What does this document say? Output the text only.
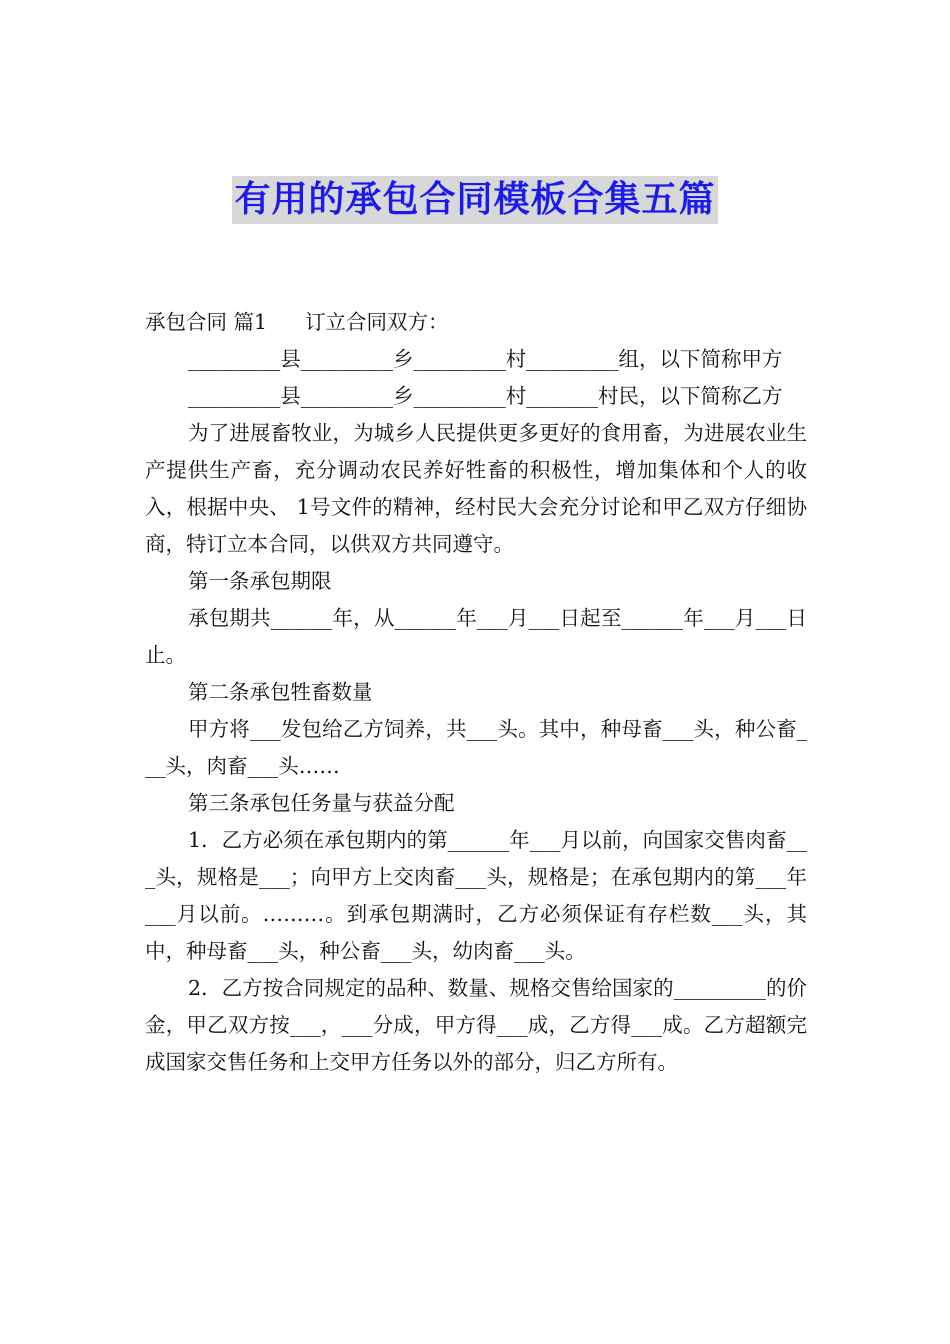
有用的承包合同模板合集五篇

承包合同 篇1 订立合同双方：

_________县_________乡_________村_________组，以下简称甲方

_________县_________乡_________村_______村民，以下简称乙方

为了进展畜牧业，为城乡人民提供更多更好的食用畜，为进展农业生产提供生产畜，充分调动农民养好牲畜的积极性，增加集体和个人的收入，根据中央、 1号文件的精神，经村民大会充分讨论和甲乙双方仔细协商，特订立本合同，以供双方共同遵守。

第一条承包期限

承包期共______年，从______年___月___日起至______年___月___日止。

第二条承包牲畜数量

甲方将___发包给乙方饲养，共___头。其中，种母畜___头，种公畜___头，肉畜___头……

第三条承包任务量与获益分配

1．乙方必须在承包期内的第______年___月以前，向国家交售肉畜___头，规格是___；向甲方上交肉畜___头，规格是；在承包期内的第___年___月以前。………。到承包期满时，乙方必须保证有存栏数___头，其中，种母畜___头，种公畜___头，幼肉畜___头。

2．乙方按合同规定的品种、数量、规格交售给国家的_________的价金，甲乙双方按___，___分成，甲方得___成，乙方得___成。乙方超额完成国家交售任务和上交甲方任务以外的部分，归乙方所有。
